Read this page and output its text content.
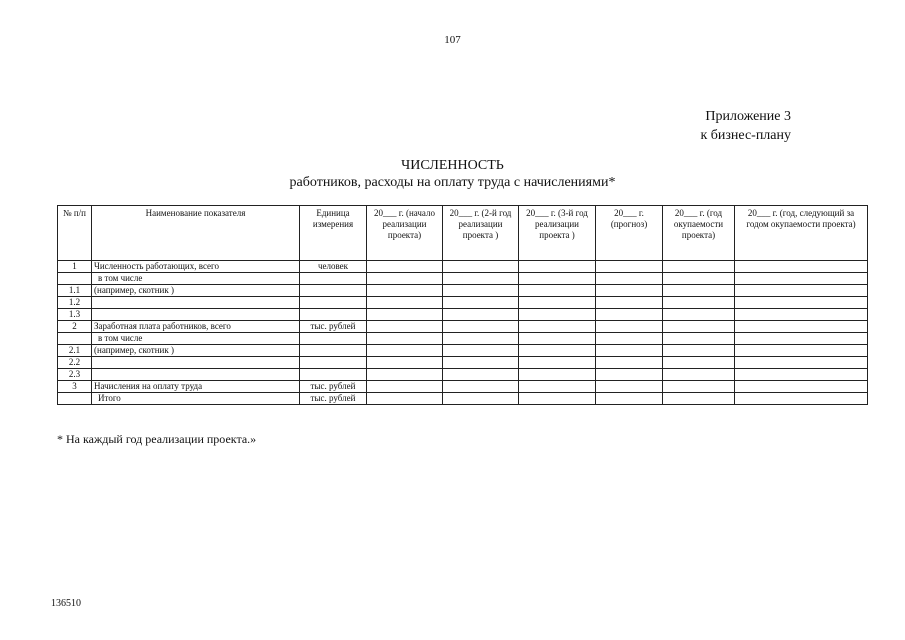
107
Приложение 3
к бизнес-плану
ЧИСЛЕННОСТЬ
работников, расходы на оплату труда с начислениями*
№ п/п	Наименование показателя	Единица измерения	20___ г. (начало реализации проекта)	20___ г. (2-й год реализации проекта )	20___ г. (3-й год реализации проекта )	20___ г. (прогноз)	20___ г. (год окупаемости проекта)	20___ г. (год, следующий за годом окупаемости проекта)
1	Численность работающих, всего	человек						
	в том числе							
1.1	(например, скотник )							
1.2								
1.3								
2	Заработная плата работников, всего	тыс. рублей						
	в том числе							
2.1	(например, скотник )							
2.2								
2.3								
3	Начисления на оплату труда	тыс. рублей						
	Итого	тыс. рублей						
* На каждый год реализации проекта.»
136510
